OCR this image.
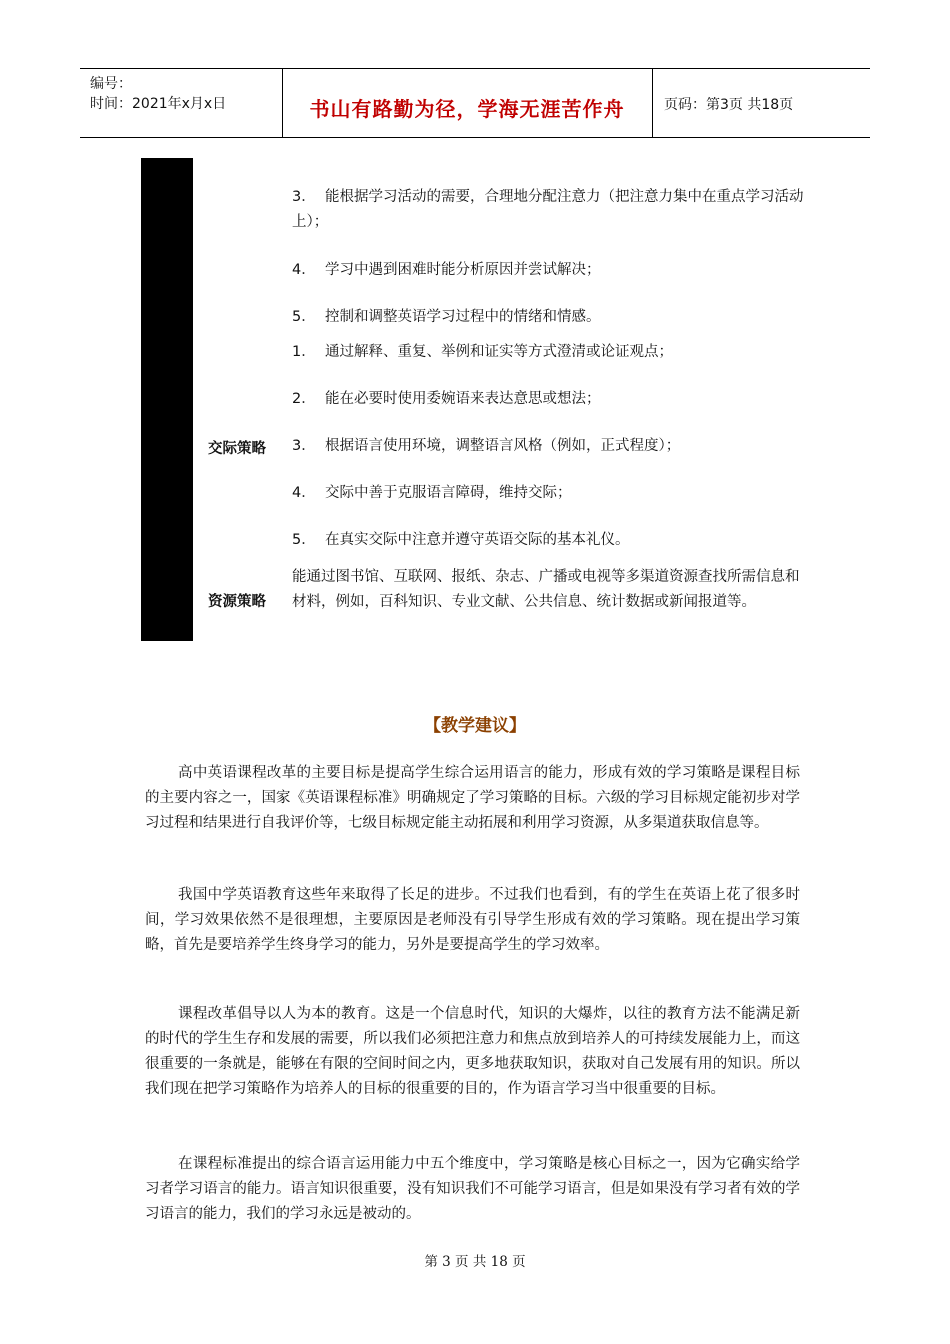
编号：
时间：2021年x月x日	书山有路勤为径，学海无涯苦作舟	页码：第3页 共18页
3． 能根据学习活动的需要，合理地分配注意力（把注意力集中在重点学习活动上）；
4． 学习中遇到困难时能分析原因并尝试解决；
5． 控制和调整英语学习过程中的情绪和情感。
交际策略
1． 通过解释、重复、举例和证实等方式澄清或论证观点；
2． 能在必要时使用委婉语来表达意思或想法；
3． 根据语言使用环境，调整语言风格（例如，正式程度）；
4． 交际中善于克服语言障碍，维持交际；
5． 在真实交际中注意并遵守英语交际的基本礼仪。
资源策略
能通过图书馆、互联网、报纸、杂志、广播或电视等多渠道资源查找所需信息和材料，例如，百科知识、专业文献、公共信息、统计数据或新闻报道等。
【教学建议】
高中英语课程改革的主要目标是提高学生综合运用语言的能力，形成有效的学习策略是课程目标的主要内容之一，国家《英语课程标准》明确规定了学习策略的目标。六级的学习目标规定能初步对学习过程和结果进行自我评价等，七级目标规定能主动拓展和利用学习资源，从多渠道获取信息等。
我国中学英语教育这些年来取得了长足的进步。不过我们也看到，有的学生在英语上花了很多时间，学习效果依然不是很理想，主要原因是老师没有引导学生形成有效的学习策略。现在提出学习策略，首先是要培养学生终身学习的能力，另外是要提高学生的学习效率。
课程改革倡导以人为本的教育。这是一个信息时代，知识的大爆炸，以往的教育方法不能满足新的时代的学生生存和发展的需要，所以我们必须把注意力和焦点放到培养人的可持续发展能力上，而这很重要的一条就是，能够在有限的空间时间之内，更多地获取知识，获取对自己发展有用的知识。所以我们现在把学习策略作为培养人的目标的很重要的目的，作为语言学习当中很重要的目标。
在课程标准提出的综合语言运用能力中五个维度中，学习策略是核心目标之一，因为它确实给学习者学习语言的能力。语言知识很重要，没有知识我们不可能学习语言，但是如果没有学习者有效的学习语言的能力，我们的学习永远是被动的。
第 3 页 共 18 页
